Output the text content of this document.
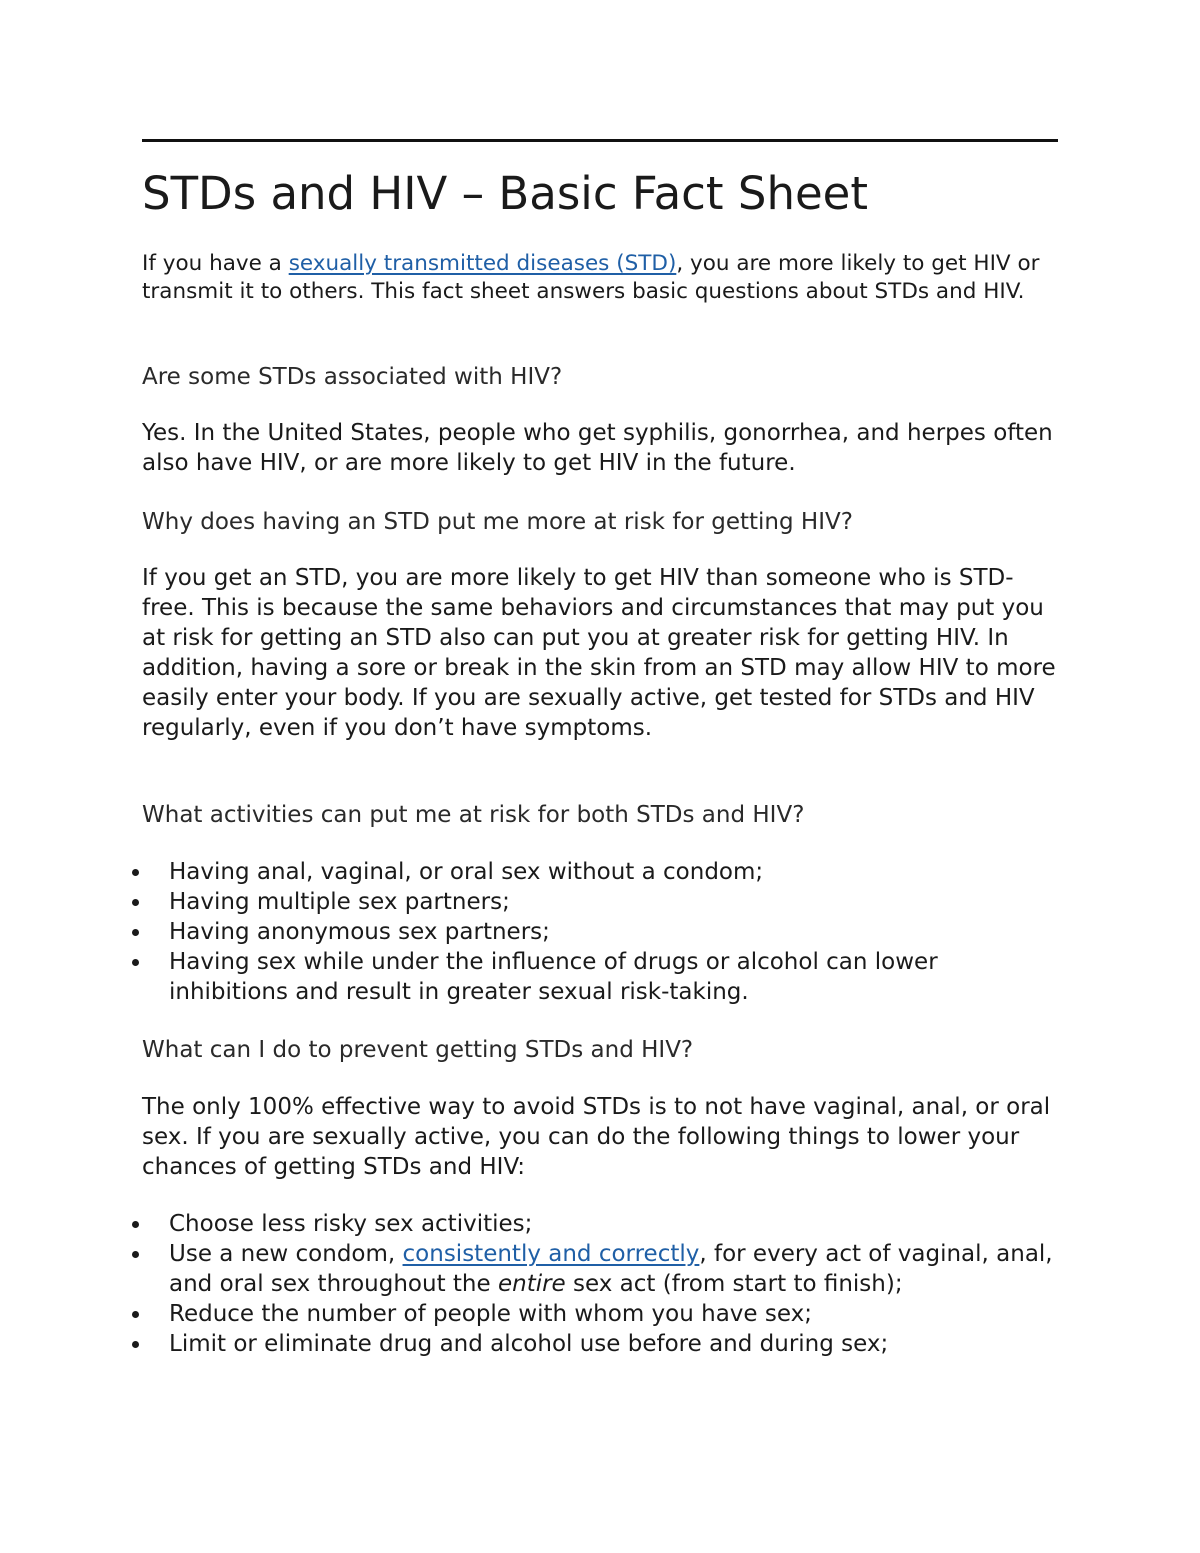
STDs and HIV – Basic Fact Sheet

If you have a sexually transmitted diseases (STD), you are more likely to get HIV or transmit it to others. This fact sheet answers basic questions about STDs and HIV.

Are some STDs associated with HIV?

Yes. In the United States, people who get syphilis, gonorrhea, and herpes often also have HIV, or are more likely to get HIV in the future.

Why does having an STD put me more at risk for getting HIV?

If you get an STD, you are more likely to get HIV than someone who is STD-free. This is because the same behaviors and circumstances that may put you at risk for getting an STD also can put you at greater risk for getting HIV. In addition, having a sore or break in the skin from an STD may allow HIV to more easily enter your body. If you are sexually active, get tested for STDs and HIV regularly, even if you don’t have symptoms.

What activities can put me at risk for both STDs and HIV?
Having anal, vaginal, or oral sex without a condom;
Having multiple sex partners;
Having anonymous sex partners;
Having sex while under the influence of drugs or alcohol can lower inhibitions and result in greater sexual risk-taking.
What can I do to prevent getting STDs and HIV?

The only 100% effective way to avoid STDs is to not have vaginal, anal, or oral sex. If you are sexually active, you can do the following things to lower your chances of getting STDs and HIV:

Choose less risky sex activities;
Use a new condom, consistently and correctly, for every act of vaginal, anal, and oral sex throughout the entire sex act (from start to finish);
Reduce the number of people with whom you have sex;
Limit or eliminate drug and alcohol use before and during sex;
